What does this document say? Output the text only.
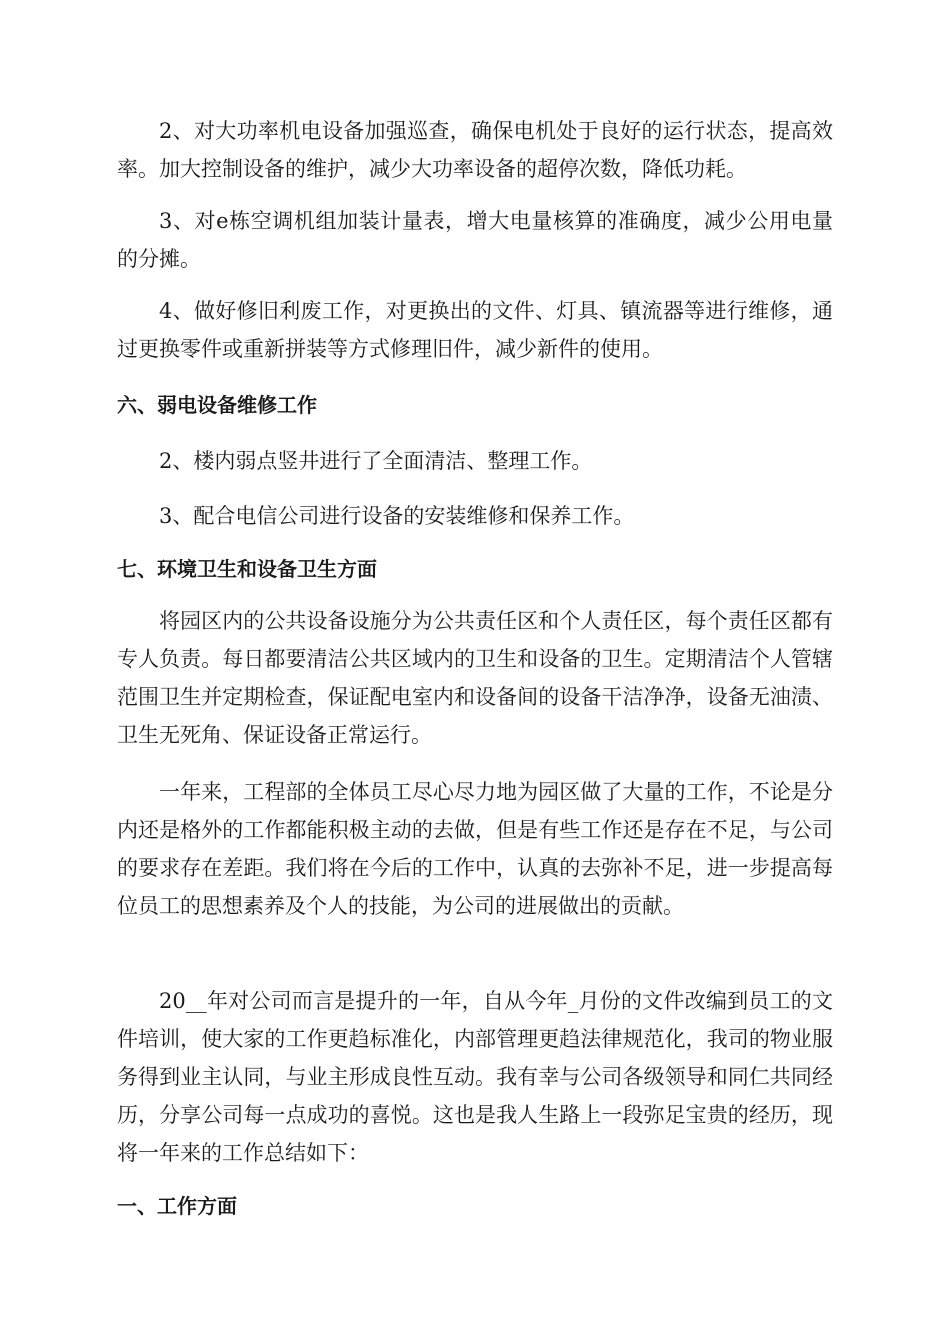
2、对大功率机电设备加强巡查，确保电机处于良好的运行状态，提高效率。加大控制设备的维护，减少大功率设备的超停次数，降低功耗。

3、对e栋空调机组加装计量表，增大电量核算的准确度，减少公用电量的分摊。

4、做好修旧利废工作，对更换出的文件、灯具、镇流器等进行维修，通过更换零件或重新拼装等方式修理旧件，减少新件的使用。

六、弱电设备维修工作

2、楼内弱点竖井进行了全面清洁、整理工作。

3、配合电信公司进行设备的安装维修和保养工作。

七、环境卫生和设备卫生方面

将园区内的公共设备设施分为公共责任区和个人责任区，每个责任区都有专人负责。每日都要清洁公共区域内的卫生和设备的卫生。定期清洁个人管辖范围卫生并定期检查，保证配电室内和设备间的设备干洁净净，设备无油渍、卫生无死角、保证设备正常运行。

一年来，工程部的全体员工尽心尽力地为园区做了大量的工作，不论是分内还是格外的工作都能积极主动的去做，但是有些工作还是存在不足，与公司的要求存在差距。我们将在今后的工作中，认真的去弥补不足，进一步提高每位员工的思想素养及个人的技能，为公司的进展做出的贡献。

20__年对公司而言是提升的一年，自从今年_月份的文件改编到员工的文件培训，使大家的工作更趋标准化，内部管理更趋法律规范化，我司的物业服务得到业主认同，与业主形成良性互动。我有幸与公司各级领导和同仁共同经历，分享公司每一点成功的喜悦。这也是我人生路上一段弥足宝贵的经历，现将一年来的工作总结如下：

一、工作方面
